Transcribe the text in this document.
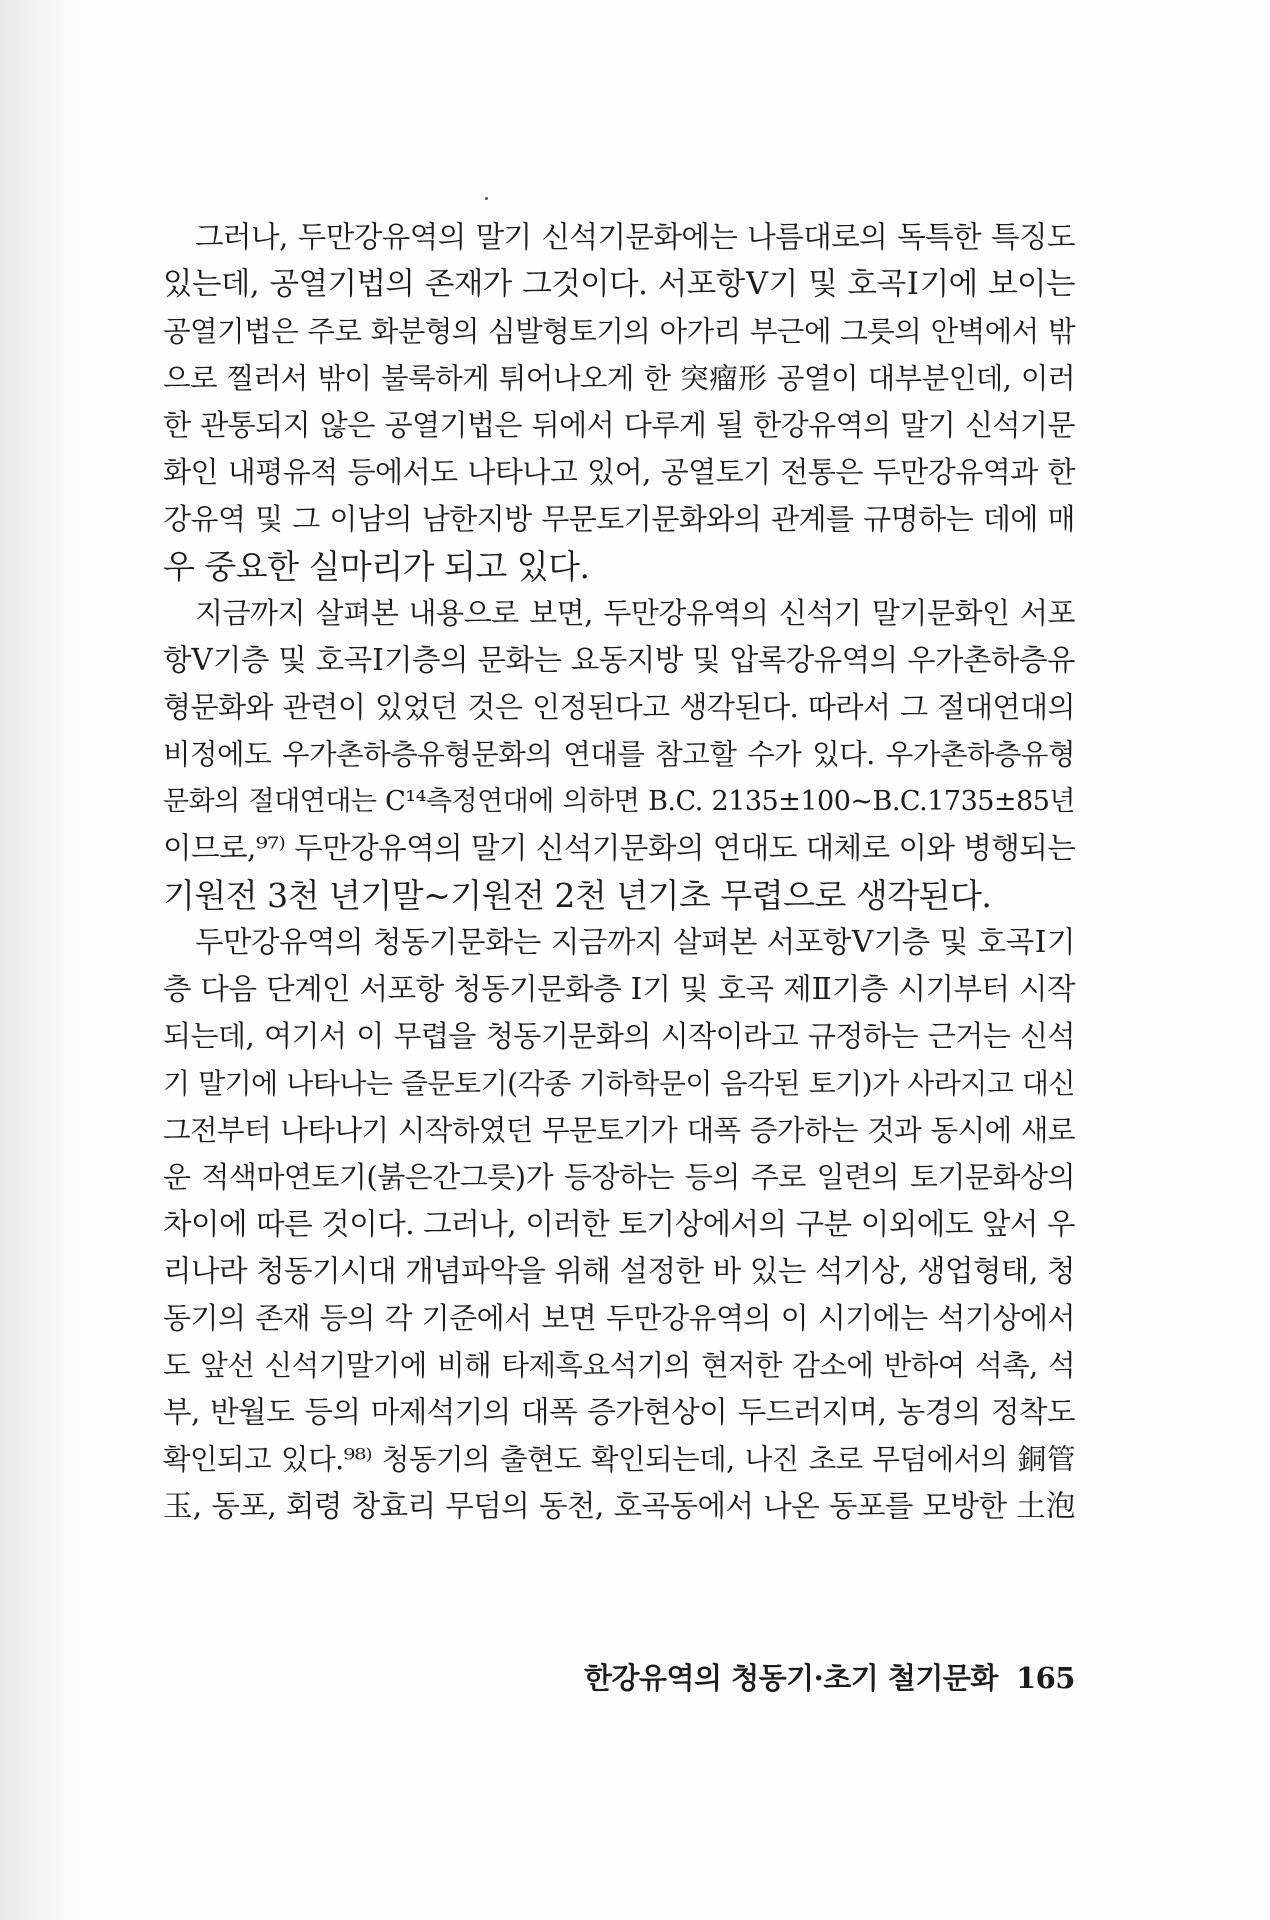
그러나, 두만강유역의 말기 신석기문화에는 나름대로의 독특한 특징도
있는데, 공열기법의 존재가 그것이다. 서포항Ⅴ기 및 호곡Ⅰ기에 보이는
공열기법은 주로 화분형의 심발형토기의 아가리 부근에 그릇의 안벽에서 밖
으로 찔러서 밖이 불룩하게 튀어나오게 한 突瘤形 공열이 대부분인데, 이러
한 관통되지 않은 공열기법은 뒤에서 다루게 될 한강유역의 말기 신석기문
화인 내평유적 등에서도 나타나고 있어, 공열토기 전통은 두만강유역과 한
강유역 및 그 이남의 남한지방 무문토기문화와의 관계를 규명하는 데에 매
우 중요한 실마리가 되고 있다.
지금까지 살펴본 내용으로 보면, 두만강유역의 신석기 말기문화인 서포
항Ⅴ기층 및 호곡Ⅰ기층의 문화는 요동지방 및 압록강유역의 우가촌하층유
형문화와 관련이 있었던 것은 인정된다고 생각된다. 따라서 그 절대연대의
비정에도 우가촌하층유형문화의 연대를 참고할 수가 있다. 우가촌하층유형
문화의 절대연대는 C¹⁴측정연대에 의하면 B.C. 2135±100~B.C.1735±85년
이므로,⁹⁷⁾ 두만강유역의 말기 신석기문화의 연대도 대체로 이와 병행되는
기원전 3천 년기말~기원전 2천 년기초 무렵으로 생각된다.
두만강유역의 청동기문화는 지금까지 살펴본 서포항Ⅴ기층 및 호곡Ⅰ기
층 다음 단계인 서포항 청동기문화층 Ⅰ기 및 호곡 제Ⅱ기층 시기부터 시작
되는데, 여기서 이 무렵을 청동기문화의 시작이라고 규정하는 근거는 신석
기 말기에 나타나는 즐문토기(각종 기하학문이 음각된 토기)가 사라지고 대신
그전부터 나타나기 시작하였던 무문토기가 대폭 증가하는 것과 동시에 새로
운 적색마연토기(붉은간그릇)가 등장하는 등의 주로 일련의 토기문화상의
차이에 따른 것이다. 그러나, 이러한 토기상에서의 구분 이외에도 앞서 우
리나라 청동기시대 개념파악을 위해 설정한 바 있는 석기상, 생업형태, 청
동기의 존재 등의 각 기준에서 보면 두만강유역의 이 시기에는 석기상에서
도 앞선 신석기말기에 비해 타제흑요석기의 현저한 감소에 반하여 석촉, 석
부, 반월도 등의 마제석기의 대폭 증가현상이 두드러지며, 농경의 정착도
확인되고 있다.⁹⁸⁾ 청동기의 출현도 확인되는데, 나진 초로 무덤에서의 銅管
玉, 동포, 회령 창효리 무덤의 동천, 호곡동에서 나온 동포를 모방한 土泡
한강유역의 청동기·초기 철기문화 165
